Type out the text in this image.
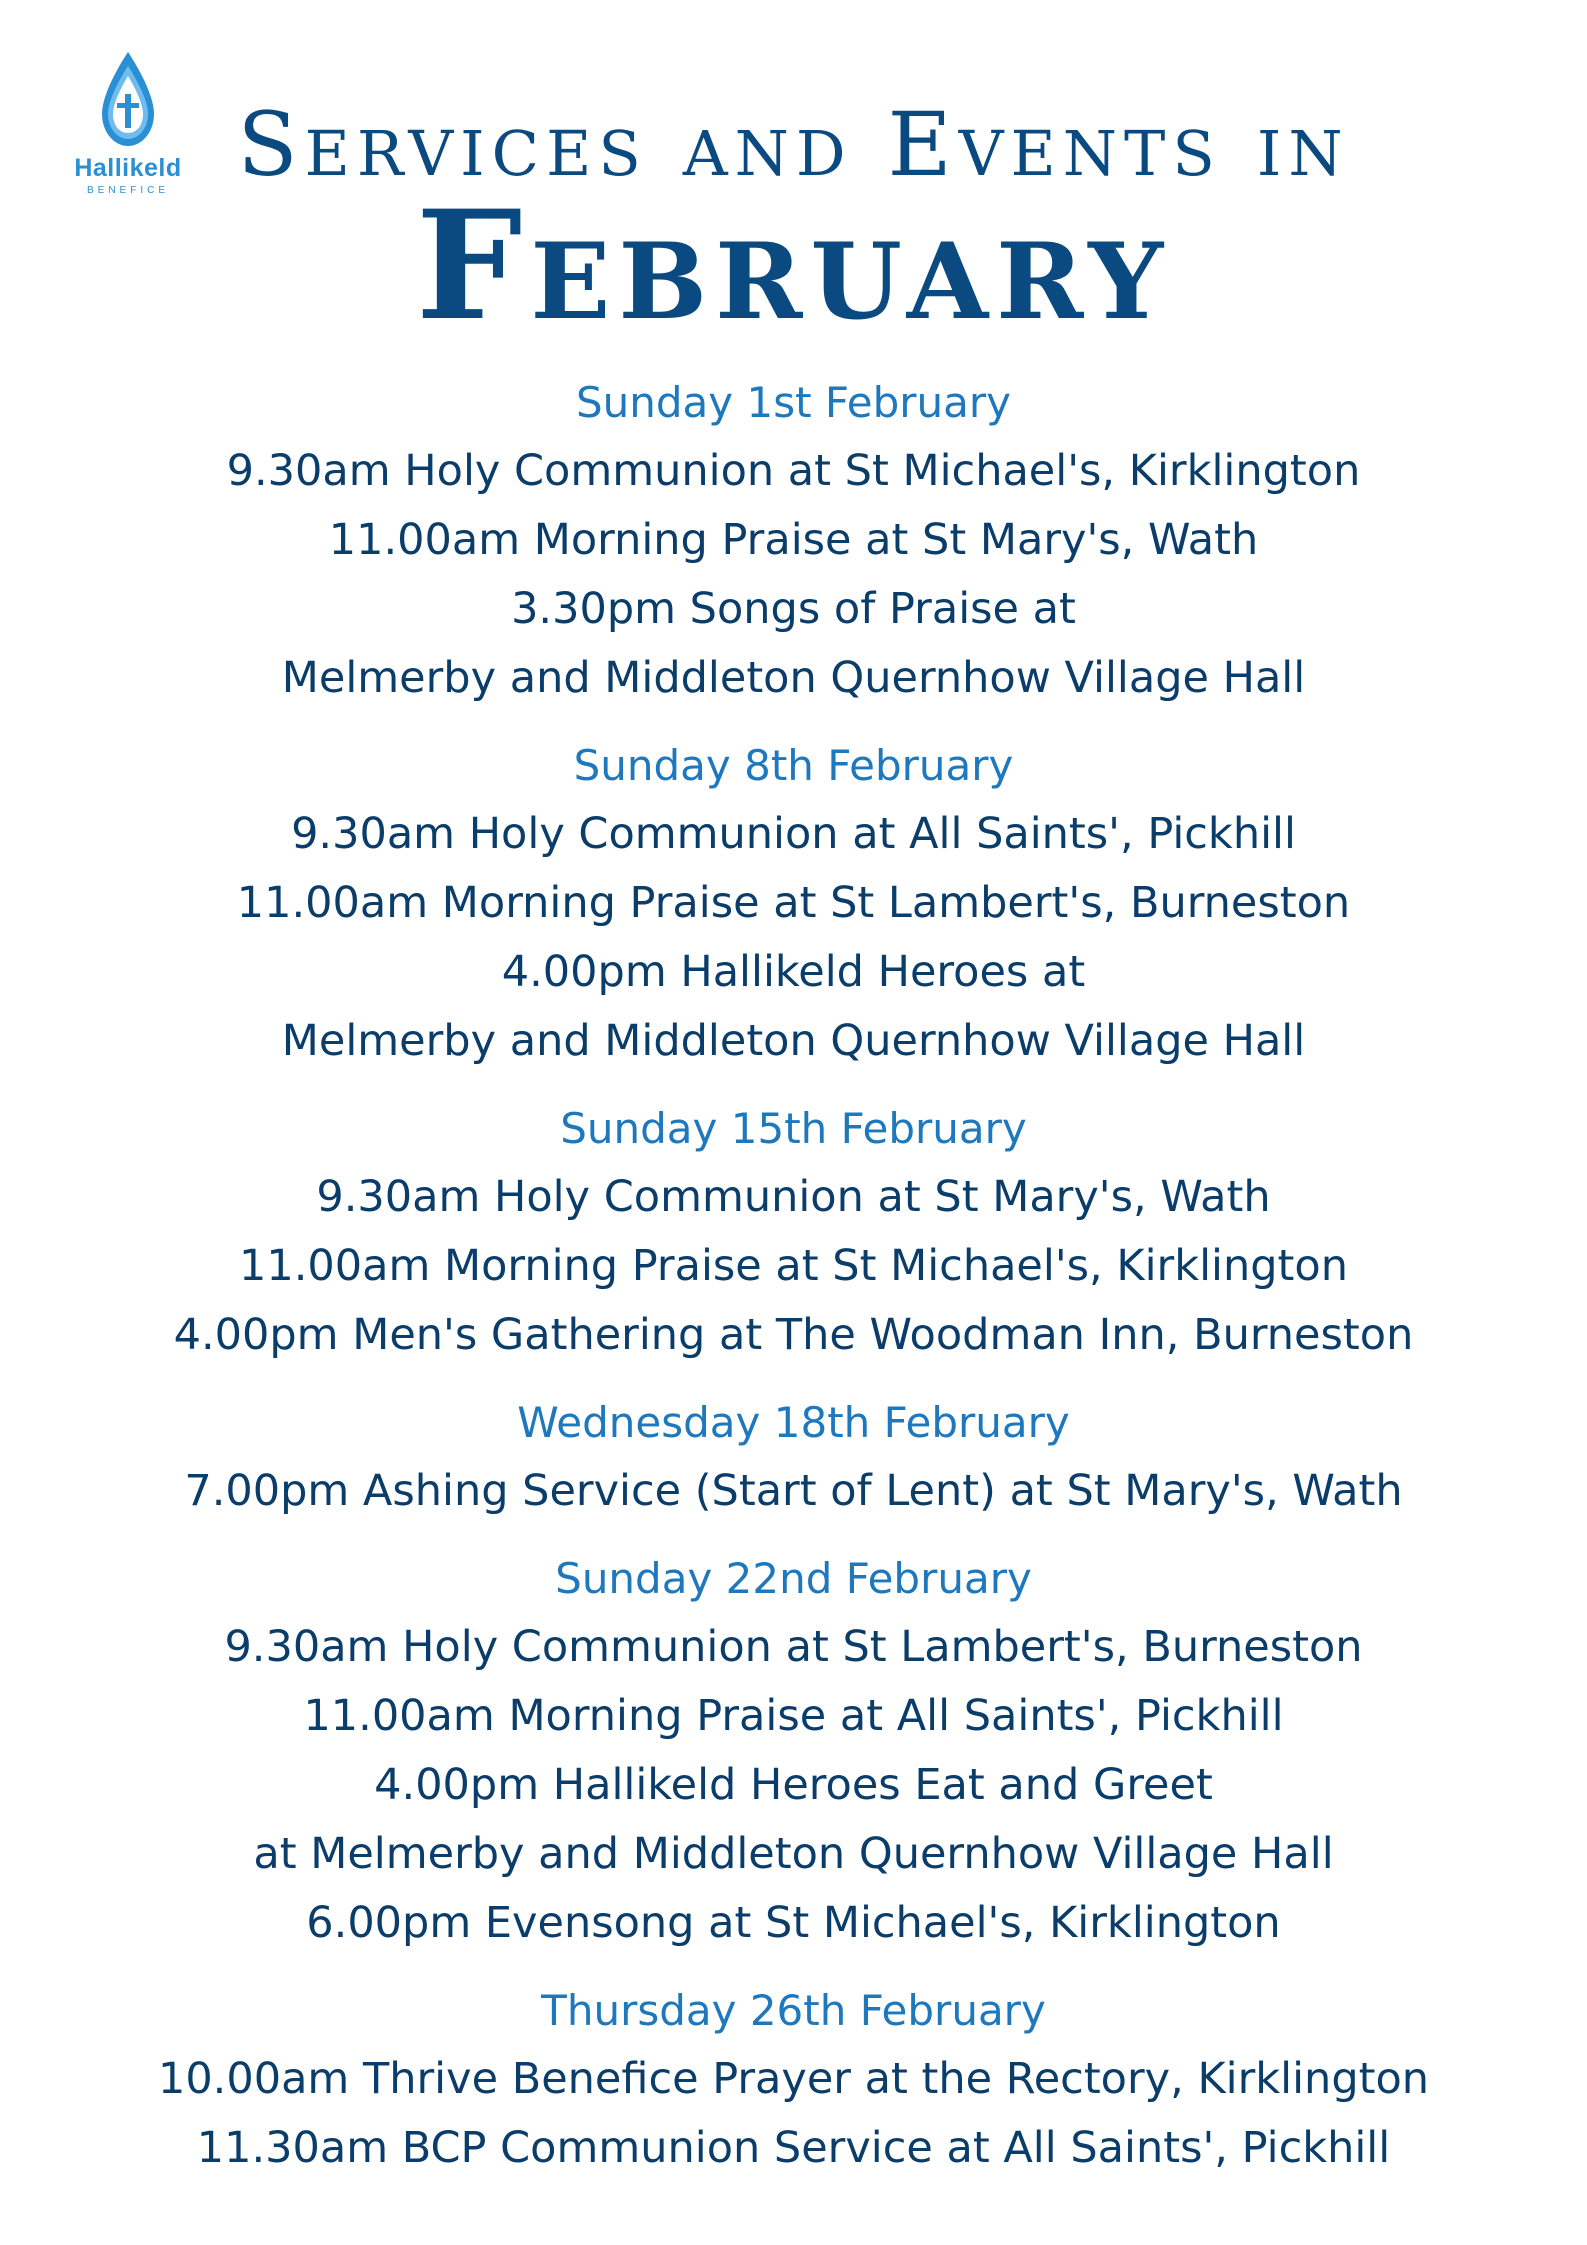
Hallikeld
BENEFICE Services and Events in
February
Sunday 1st February
9.30am Holy Communion at St Michael's, Kirklington
11.00am Morning Praise at St Mary's, Wath
3.30pm Songs of Praise at
Melmerby and Middleton Quernhow Village Hall
Sunday 8th February
9.30am Holy Communion at All Saints', Pickhill
11.00am Morning Praise at St Lambert's, Burneston
4.00pm Hallikeld Heroes at
Melmerby and Middleton Quernhow Village Hall
Sunday 15th February
9.30am Holy Communion at St Mary's, Wath
11.00am Morning Praise at St Michael's, Kirklington
4.00pm Men's Gathering at The Woodman Inn, Burneston
Wednesday 18th February
7.00pm Ashing Service (Start of Lent) at St Mary's, Wath
Sunday 22nd February
9.30am Holy Communion at St Lambert's, Burneston
11.00am Morning Praise at All Saints', Pickhill
4.00pm Hallikeld Heroes Eat and Greet
at Melmerby and Middleton Quernhow Village Hall
6.00pm Evensong at St Michael's, Kirklington
Thursday 26th February
10.00am Thrive Benefice Prayer at the Rectory, Kirklington
11.30am BCP Communion Service at All Saints', Pickhill
